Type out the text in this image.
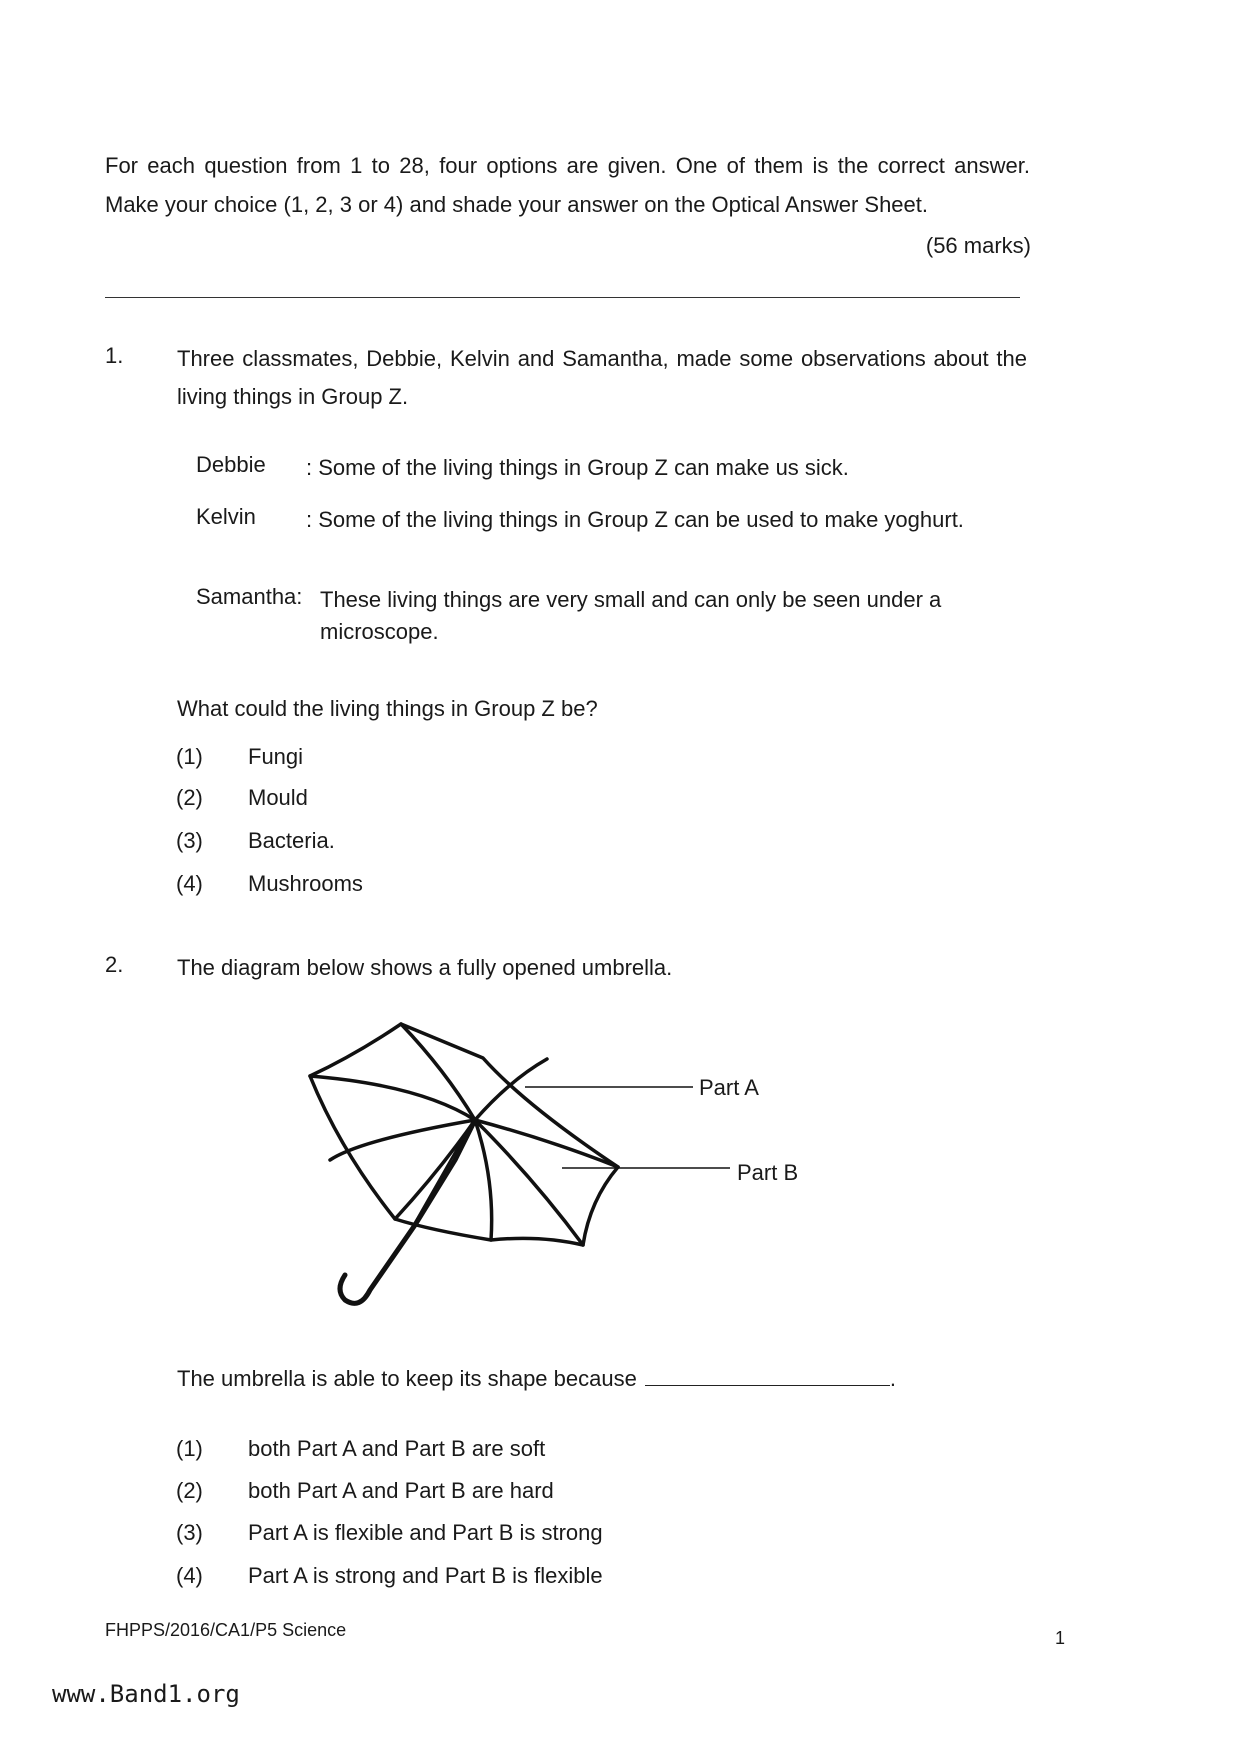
For each question from 1 to 28, four options are given. One of them is the correct answer. Make your choice (1, 2, 3 or 4) and shade your answer on the Optical Answer Sheet.
(56 marks)
1. Three classmates, Debbie, Kelvin and Samantha, made some observations about the living things in Group Z.
Debbie : Some of the living things in Group Z can make us sick.
Kelvin : Some of the living things in Group Z can be used to make yoghurt.
Samantha: These living things are very small and can only be seen under a microscope.
What could the living things in Group Z be?
(1) Fungi
(2) Mould
(3) Bacteria.
(4) Mushrooms
2. The diagram below shows a fully opened umbrella.
Part A
Part B
The umbrella is able to keep its shape because	.
(1) both Part A and Part B are soft
(2) both Part A and Part B are hard
(3) Part A is flexible and Part B is strong
(4) Part A is strong and Part B is flexible
FHPPS/2016/CA1/P5 Science	1
www.Band1.org
